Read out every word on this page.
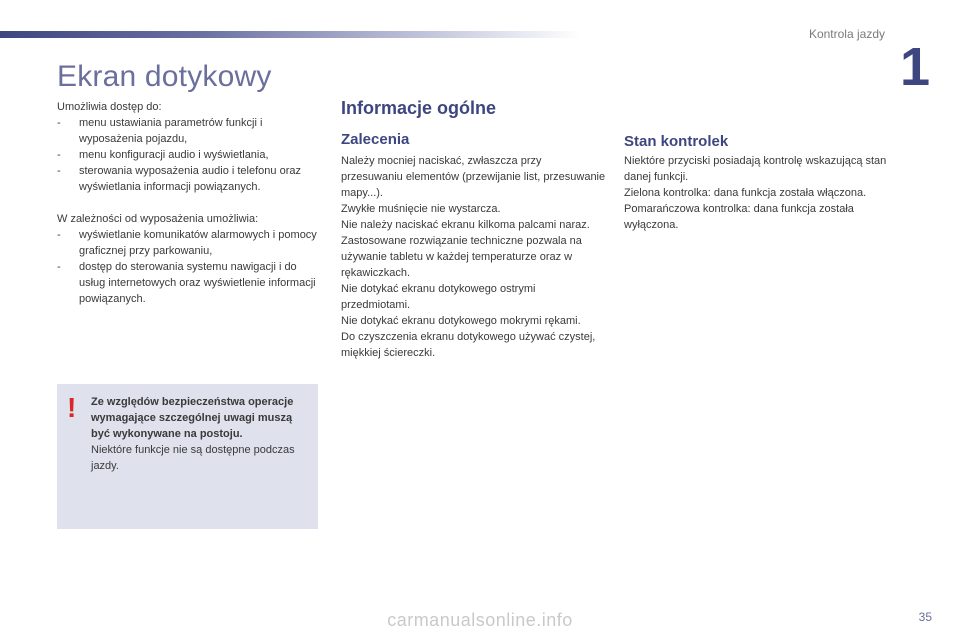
Kontrola jazdy
1
Ekran dotykowy

Umożliwia dostęp do:

- menu ustawiania parametrów funkcji i wyposażenia pojazdu,
- menu konfiguracji audio i wyświetlania,
- sterowania wyposażenia audio i telefonu oraz wyświetlania informacji powiązanych.

W zależności od wyposażenia umożliwia:

- wyświetlanie komunikatów alarmowych i pomocy graficznej przy parkowaniu,
- dostęp do sterowania systemu nawigacji i do usług internetowych oraz wyświetlenie informacji powiązanych.
! Ze względów bezpieczeństwa operacje wymagające szczególnej uwagi muszą być wykonywane na postoju.
Niektóre funkcje nie są dostępne podczas jazdy.
Informacje ogólne
Zalecenia

Należy mocniej naciskać, zwłaszcza przy przesuwaniu elementów (przewijanie list, przesuwanie mapy...).

Zwykłe muśnięcie nie wystarcza.

Nie należy naciskać ekranu kilkoma palcami naraz.

Zastosowane rozwiązanie techniczne pozwala na używanie tabletu w każdej temperaturze oraz w rękawiczkach.

Nie dotykać ekranu dotykowego ostrymi przedmiotami.

Nie dotykać ekranu dotykowego mokrymi rękami.

Do czyszczenia ekranu dotykowego używać czystej, miękkiej ściereczki.

Stan kontrolek

Niektóre przyciski posiadają kontrolę wskazującą stan danej funkcji.

Zielona kontrolka: dana funkcja została włączona.

Pomarańczowa kontrolka: dana funkcja została wyłączona.

carmanualsonline.info	35
